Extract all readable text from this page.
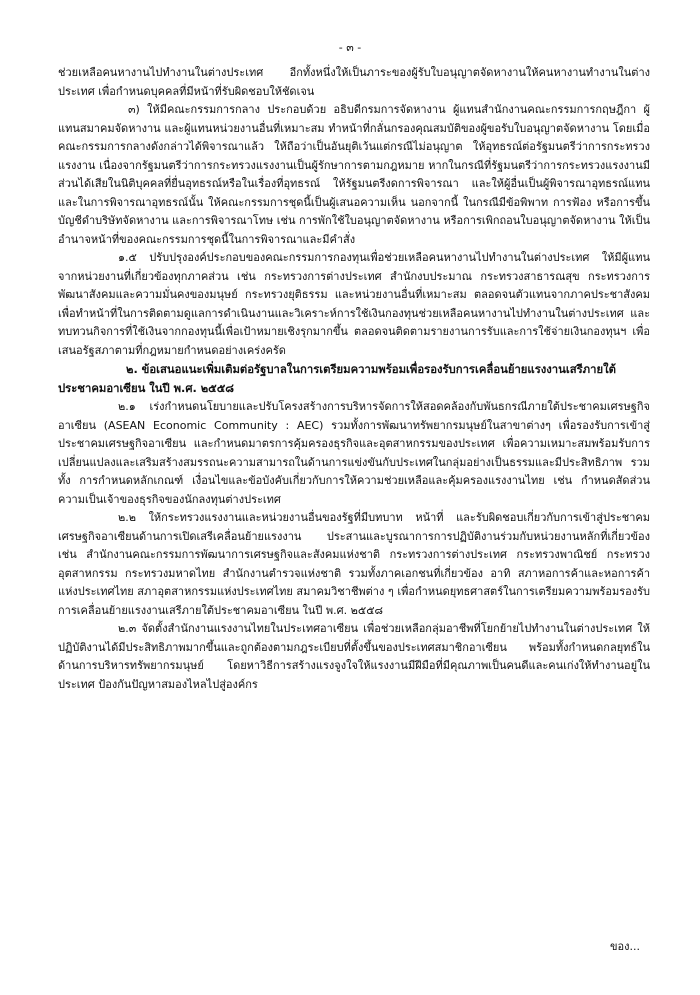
- ๓ -

ช่วยเหลือคนหางานไปทำงานในต่างประเทศ อีกทั้งหนึ่งให้เป็นภาระของผู้รับใบอนุญาตจัดหางานให้คนหางานทำงานในต่างประเทศ เพื่อกำหนดบุคคลที่มีหน้าที่รับผิดชอบให้ชัดเจน

๓) ให้มีคณะกรรมการกลาง ประกอบด้วย อธิบดีกรมการจัดหางาน ผู้แทนสำนักงานคณะกรรมการกฤษฎีกา ผู้แทนสมาคมจัดหางาน และผู้แทนหน่วยงานอื่นที่เหมาะสม ทำหน้าที่กลั่นกรองคุณสมบัติของผู้ขอรับใบอนุญาตจัดหางาน โดยเมื่อคณะกรรมการกลางดังกล่าวได้พิจารณาแล้ว ให้ถือว่าเป็นอันยุติเว้นแต่กรณีไม่อนุญาต ให้อุทธรณ์ต่อรัฐมนตรีว่าการกระทรวงแรงงาน เนื่องจากรัฐมนตรีว่าการกระทรวงแรงงานเป็นผู้รักษาการตามกฎหมาย หากในกรณีที่รัฐมนตรีว่าการกระทรวงแรงงานมีส่วนได้เสียในนิติบุคคลที่ยื่นอุทธรณ์หรือในเรื่องที่อุทธรณ์ ให้รัฐมนตรีงดการพิจารณา และให้ผู้อื่นเป็นผู้พิจารณาอุทธรณ์แทน และในการพิจารณาอุทธรณ์นั้น ให้คณะกรรมการชุดนี้เป็นผู้เสนอความเห็น นอกจากนี้ ในกรณีมีข้อพิพาท การฟ้อง หรือการขึ้นบัญชีดำบริษัทจัดหางาน และการพิจารณาโทษ เช่น การพักใช้ใบอนุญาตจัดหางาน หรือการเพิกถอนใบอนุญาตจัดหางาน ให้เป็นอำนาจหน้าที่ของคณะกรรมการชุดนี้ในการพิจารณาและมีคำสั่ง

๑.๕ ปรับปรุงองค์ประกอบของคณะกรรมการกองทุนเพื่อช่วยเหลือคนหางานไปทำงานในต่างประเทศ ให้มีผู้แทนจากหน่วยงานที่เกี่ยวข้องทุกภาคส่วน เช่น กระทรวงการต่างประเทศ สำนักงบประมาณ กระทรวงสาธารณสุข กระทรวงการพัฒนาสังคมและความมั่นคงของมนุษย์ กระทรวงยุติธรรม และหน่วยงานอื่นที่เหมาะสม ตลอดจนตัวแทนจากภาคประชาสังคม เพื่อทำหน้าที่ในการติดตามดูแลการดำเนินงานและวิเคราะห์การใช้เงินกองทุนช่วยเหลือคนหางานไปทำงานในต่างประเทศ และทบทวนกิจการที่ใช้เงินจากกองทุนนี้เพื่อเป้าหมายเชิงรุกมากขึ้น ตลอดจนติดตามรายงานการรับและการใช้จ่ายเงินกองทุนฯ เพื่อเสนอรัฐสภาตามที่กฎหมายกำหนดอย่างเคร่งครัด

๒. ข้อเสนอแนะเพิ่มเติมต่อรัฐบาลในการเตรียมความพร้อมเพื่อรองรับการเคลื่อนย้ายแรงงานเสรีภายใต้ประชาคมอาเซียน ในปี พ.ศ. ๒๕๕๘

๒.๑ เร่งกำหนดนโยบายและปรับโครงสร้างการบริหารจัดการให้สอดคล้องกับพันธกรณีภายใต้ประชาคมเศรษฐกิจอาเซียน (ASEAN Economic Community : AEC) รวมทั้งการพัฒนาทรัพยากรมนุษย์ในสาขาต่างๆ เพื่อรองรับการเข้าสู่ประชาคมเศรษฐกิจอาเซียน และกำหนดมาตรการคุ้มครองธุรกิจและอุตสาหกรรมของประเทศ เพื่อความเหมาะสมพร้อมรับการเปลี่ยนแปลงและเสริมสร้างสมรรถนะความสามารถในด้านการแข่งขันกับประเทศในกลุ่มอย่างเป็นธรรมและมีประสิทธิภาพ รวมทั้ง การกำหนดหลักเกณฑ์ เงื่อนไขและข้อบังคับเกี่ยวกับการให้ความช่วยเหลือและคุ้มครองแรงงานไทย เช่น กำหนดสัดส่วนความเป็นเจ้าของธุรกิจของนักลงทุนต่างประเทศ

๒.๒ ให้กระทรวงแรงงานและหน่วยงานอื่นของรัฐที่มีบทบาท หน้าที่ และรับผิดชอบเกี่ยวกับการเข้าสู่ประชาคมเศรษฐกิจอาเซียนด้านการเปิดเสรีเคลื่อนย้ายแรงงาน ประสานและบูรณาการการปฏิบัติงานร่วมกับหน่วยงานหลักที่เกี่ยวข้อง เช่น สำนักงานคณะกรรมการพัฒนาการเศรษฐกิจและสังคมแห่งชาติ กระทรวงการต่างประเทศ กระทรวงพาณิชย์ กระทรวงอุตสาหกรรม กระทรวงมหาดไทย สำนักงานตำรวจแห่งชาติ รวมทั้งภาคเอกชนที่เกี่ยวข้อง อาทิ สภาหอการค้าและหอการค้าแห่งประเทศไทย สภาอุตสาหกรรมแห่งประเทศไทย สมาคมวิชาชีพต่าง ๆ เพื่อกำหนดยุทธศาสตร์ในการเตรียมความพร้อมรองรับการเคลื่อนย้ายแรงงานเสรีภายใต้ประชาคมอาเซียน ในปี พ.ศ. ๒๕๕๘

๒.๓ จัดตั้งสำนักงานแรงงานไทยในประเทศอาเซียน เพื่อช่วยเหลือกลุ่มอาชีพที่โยกย้ายไปทำงานในต่างประเทศ ให้ปฏิบัติงานได้มีประสิทธิภาพมากขึ้นและถูกต้องตามกฎระเบียบที่ตั้งขึ้นของประเทศสมาชิกอาเซียน พร้อมทั้งกำหนดกลยุทธ์ในด้านการบริหารทรัพยากรมนุษย์ โดยหาวิธีการสร้างแรงจูงใจให้แรงงานมีฝีมือที่มีคุณภาพเป็นคนดีและคนเก่งให้ทำงานอยู่ในประเทศ ป้องกันปัญหาสมองไหลไปสู่องค์กร

ของ...
